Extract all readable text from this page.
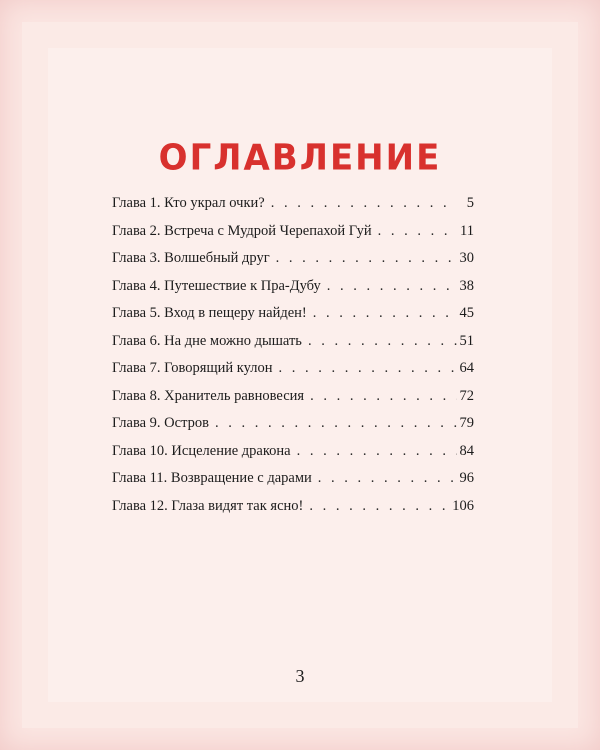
ОГЛАВЛЕНИЕ
Глава 1. Кто украл очки? . . .	5
Глава 2. Встреча с Мудрой Черепахой Гуй . . .	11
Глава 3. Волшебный друг . . .	30
Глава 4. Путешествие к Пра-Дубу . . .	38
Глава 5. Вход в пещеру найден! . . .	45
Глава 6. На дне можно дышать . . .	51
Глава 7. Говорящий кулон . . .	64
Глава 8. Хранитель равновесия . . .	72
Глава 9. Остров . . .	79
Глава 10. Исцеление дракона . . .	84
Глава 11. Возвращение с дарами . . .	96
Глава 12. Глаза видят так ясно! . . .	106
3
